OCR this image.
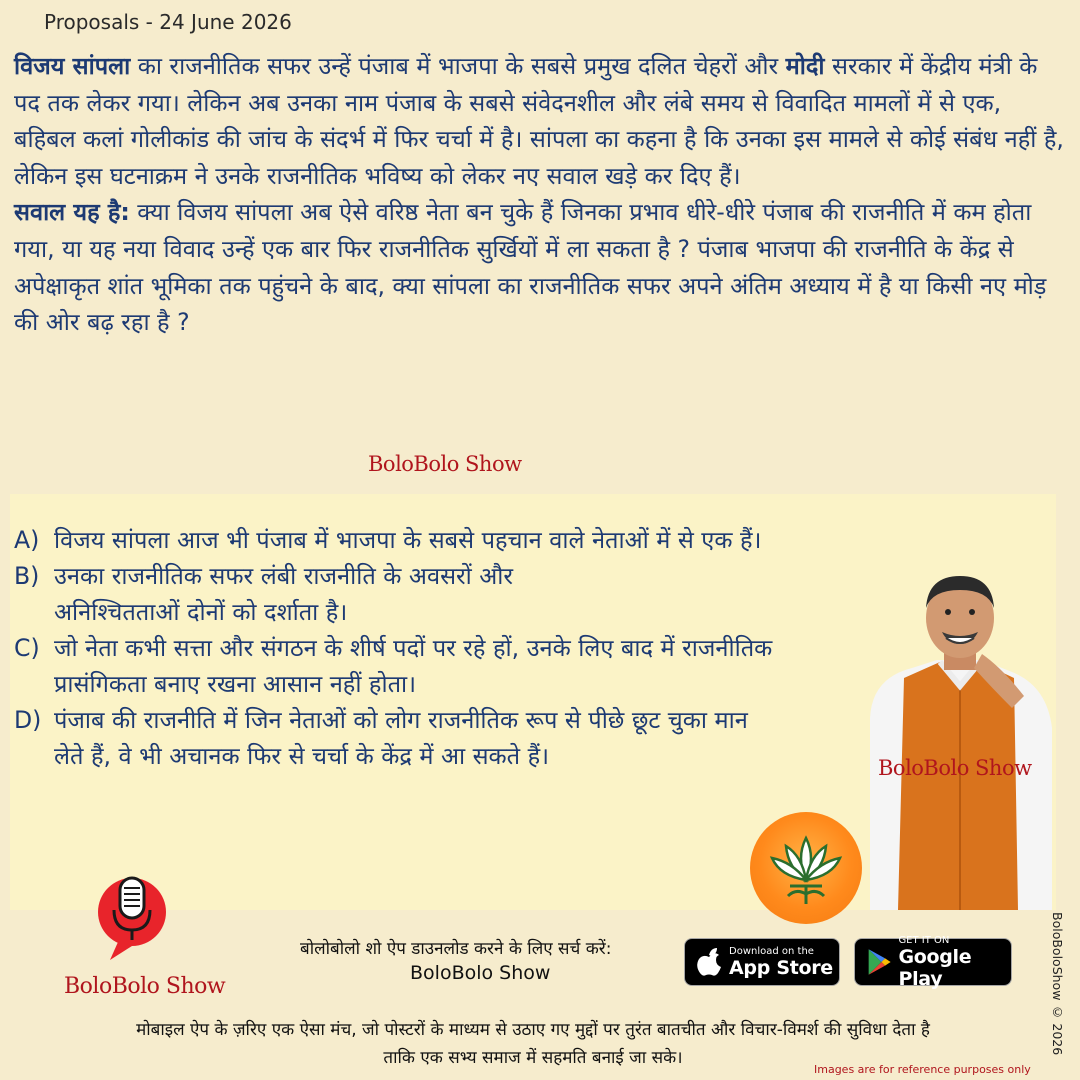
Proposals - 24 June 2026

विजय सांपला का राजनीतिक सफर उन्हें पंजाब में भाजपा के सबसे प्रमुख दलित चेहरों और मोदी सरकार में केंद्रीय मंत्री के पद तक लेकर गया। लेकिन अब उनका नाम पंजाब के सबसे संवेदनशील और लंबे समय से विवादित मामलों में से एक, बहिबल कलां गोलीकांड की जांच के संदर्भ में फिर चर्चा में है। सांपला का कहना है कि उनका इस मामले से कोई संबंध नहीं है, लेकिन इस घटनाक्रम ने उनके राजनीतिक भविष्य को लेकर नए सवाल खड़े कर दिए हैं।
सवाल यह है: क्या विजय सांपला अब ऐसे वरिष्ठ नेता बन चुके हैं जिनका प्रभाव धीरे-धीरे पंजाब की राजनीति में कम होता गया, या यह नया विवाद उन्हें एक बार फिर राजनीतिक सुर्खियों में ला सकता है ? पंजाब भाजपा की राजनीति के केंद्र से अपेक्षाकृत शांत भूमिका तक पहुंचने के बाद, क्या सांपला का राजनीतिक सफर अपने अंतिम अध्याय में है या किसी नए मोड़ की ओर बढ़ रहा है ?

BoloBolo Show
A) विजय सांपला आज भी पंजाब में भाजपा के सबसे पहचान वाले नेताओं में से एक हैं।
B) उनका राजनीतिक सफर लंबी राजनीति के अवसरों और अनिश्चितताओं दोनों को दर्शाता है।
C) जो नेता कभी सत्ता और संगठन के शीर्ष पदों पर रहे हों, उनके लिए बाद में राजनीतिक प्रासंगिकता बनाए रखना आसान नहीं होता।
D) पंजाब की राजनीति में जिन नेताओं को लोग राजनीतिक रूप से पीछे छूट चुका मान लेते हैं, वे भी अचानक फिर से चर्चा के केंद्र में आ सकते हैं।	BoloBolo Show
BoloBolo Show
बोलोबोलो शो ऐप डाउनलोड करने के लिए सर्च करें:
BoloBolo Show
Download on the
App Store
GET IT ON
Google Play
मोबाइल ऐप के ज़रिए एक ऐसा मंच, जो पोस्टरों के माध्यम से उठाए गए मुद्दों पर तुरंत बातचीत और विचार-विमर्श की सुविधा देता है
ताकि एक सभ्य समाज में सहमति बनाई जा सके।
BoloBoloShow © 2026
Images are for reference purposes only
